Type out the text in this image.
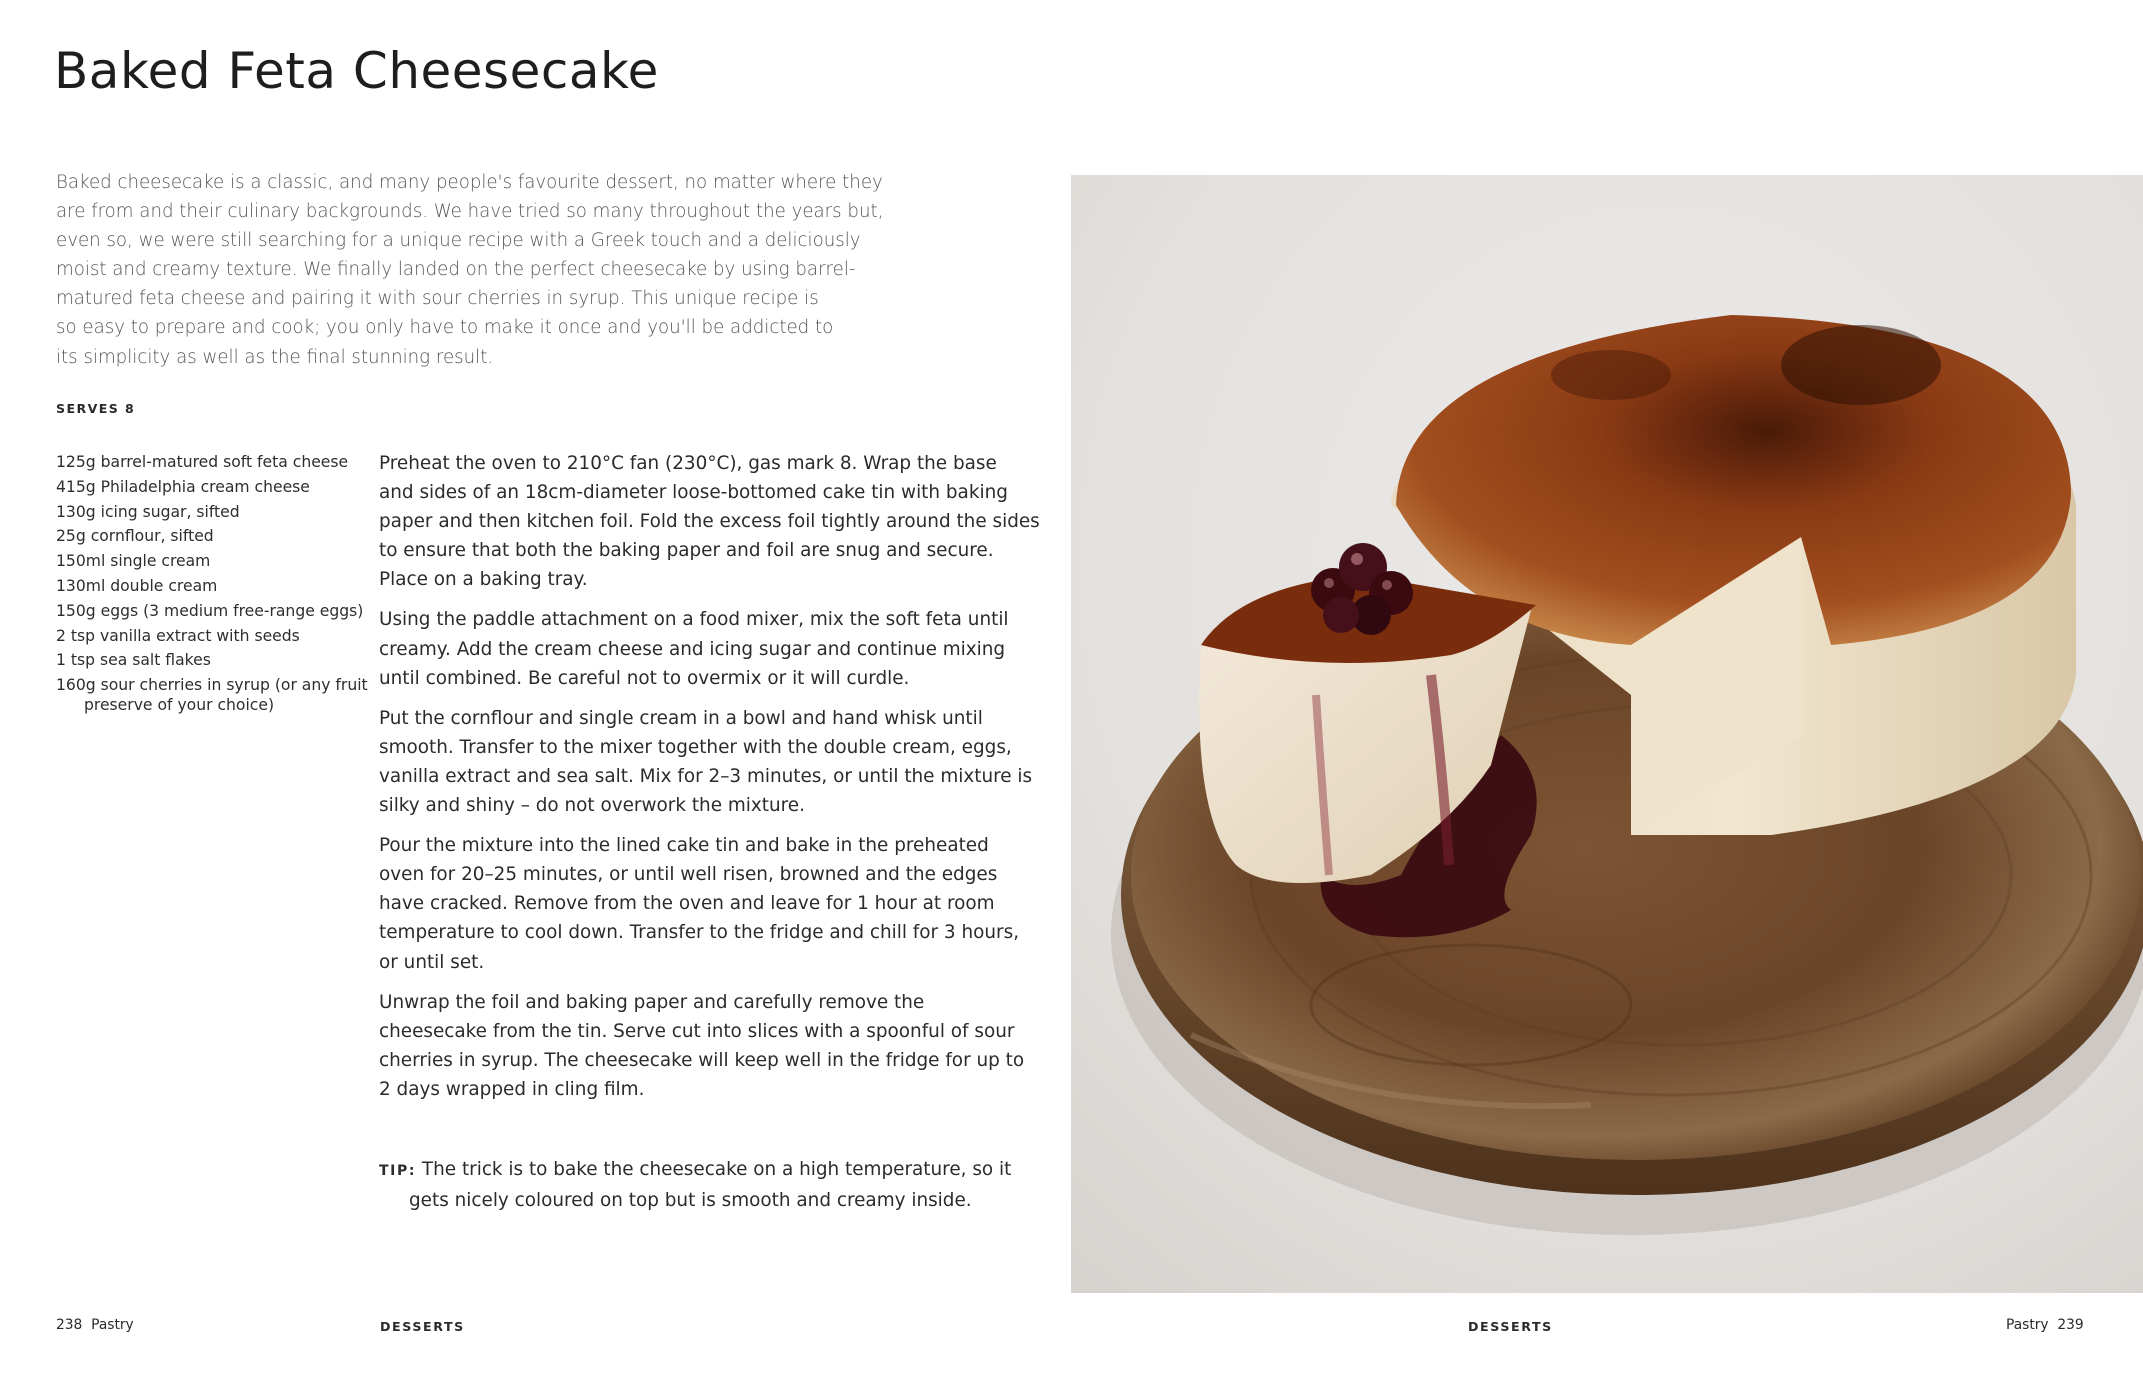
Baked Feta Cheesecake
Baked cheesecake is a classic, and many people's favourite dessert, no matter where they
are from and their culinary backgrounds. We have tried so many throughout the years but,
even so, we were still searching for a unique recipe with a Greek touch and a deliciously
moist and creamy texture. We finally landed on the perfect cheesecake by using barrel-
matured feta cheese and pairing it with sour cherries in syrup. This unique recipe is
so easy to prepare and cook; you only have to make it once and you'll be addicted to
its simplicity as well as the final stunning result.
SERVES 8
125g barrel-matured soft feta cheese
415g Philadelphia cream cheese
130g icing sugar, sifted
25g cornflour, sifted
150ml single cream
130ml double cream
150g eggs (3 medium free-range eggs)
2 tsp vanilla extract with seeds
1 tsp sea salt flakes
160g sour cherries in syrup (or any fruit
preserve of your choice)
Preheat the oven to 210°C fan (230°C), gas mark 8. Wrap the base
and sides of an 18cm-diameter loose-bottomed cake tin with baking
paper and then kitchen foil. Fold the excess foil tightly around the sides
to ensure that both the baking paper and foil are snug and secure.
Place on a baking tray.
Using the paddle attachment on a food mixer, mix the soft feta until
creamy. Add the cream cheese and icing sugar and continue mixing
until combined. Be careful not to overmix or it will curdle.
Put the cornflour and single cream in a bowl and hand whisk until
smooth. Transfer to the mixer together with the double cream, eggs,
vanilla extract and sea salt. Mix for 2–3 minutes, or until the mixture is
silky and shiny – do not overwork the mixture.
Pour the mixture into the lined cake tin and bake in the preheated
oven for 20–25 minutes, or until well risen, browned and the edges
have cracked. Remove from the oven and leave for 1 hour at room
temperature to cool down. Transfer to the fridge and chill for 3 hours,
or until set.
Unwrap the foil and baking paper and carefully remove the
cheesecake from the tin. Serve cut into slices with a spoonful of sour
cherries in syrup. The cheesecake will keep well in the fridge for up to
2 days wrapped in cling film.
TIP: The trick is to bake the cheesecake on a high temperature, so it
gets nicely coloured on top but is smooth and creamy inside.
238 Pastry	DESSERTS	DESSERTS	Pastry 239
